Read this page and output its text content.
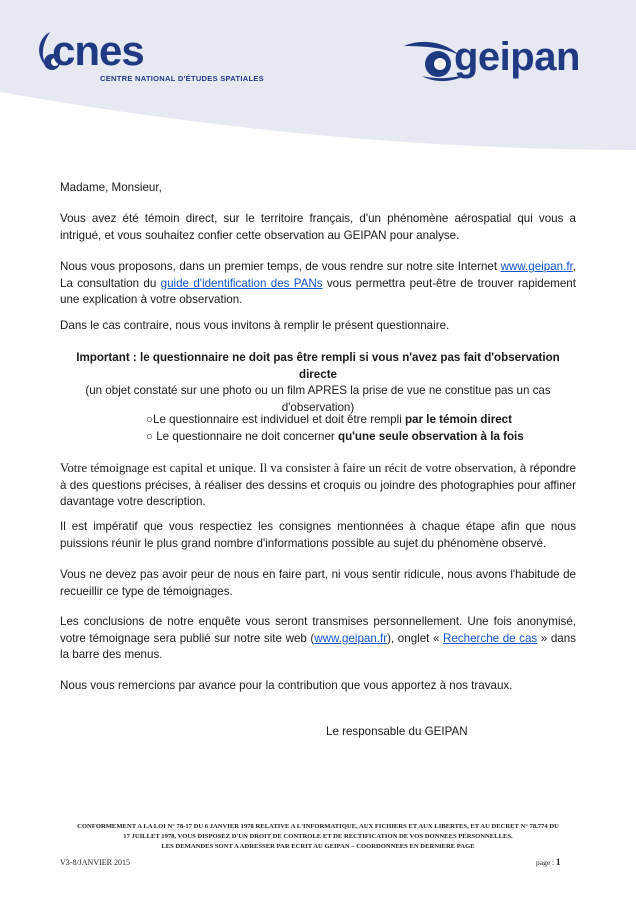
cnes
CENTRE NATIONAL D'ÉTUDES SPATIALES	geipan

Madame, Monsieur,

Vous avez été témoin direct, sur le territoire français, d'un phénomène aérospatial qui vous a intrigué, et vous souhaitez confier cette observation au GEIPAN pour analyse.

Nous vous proposons, dans un premier temps, de vous rendre sur notre site Internet www.geipan.fr, La consultation du guide d'identification des PANs vous permettra peut-être de trouver rapidement une explication à votre observation.

Dans le cas contraire, nous vous invitons à remplir le présent questionnaire.

Important : le questionnaire ne doit pas être rempli si vous n'avez pas fait d'observation directe
(un objet constaté sur une photo ou un film APRES la prise de vue ne constitue pas un cas d'observation)

○Le questionnaire est individuel et doit être rempli par le témoin direct

○ Le questionnaire ne doit concerner qu'une seule observation à la fois

Votre témoignage est capital et unique. Il va consister à faire un récit de votre observation, à répondre à des questions précises, à réaliser des dessins et croquis ou joindre des photographies pour affiner davantage votre description.

Il est impératif que vous respectiez les consignes mentionnées à chaque étape afin que nous puissions réunir le plus grand nombre d'informations possible au sujet du phénomène observé.

Vous ne devez pas avoir peur de nous en faire part, ni vous sentir ridicule, nous avons l'habitude de recueillir ce type de témoignages.

Les conclusions de notre enquête vous seront transmises personnellement. Une fois anonymisé, votre témoignage sera publié sur notre site web (www.geipan.fr), onglet « Recherche de cas » dans la barre des menus.

Nous vous remercions par avance pour la contribution que vous apportez à nos travaux.

Le responsable du GEIPAN

CONFORMEMENT A LA LOI N° 78-17 DU 6 JANVIER 1978 RELATIVE A L'INFORMATIQUE, AUX FICHIERS ET AUX LIBERTES, ET AU DECRET N° 78.774 DU 17 JUILLET 1978, VOUS DISPOSEZ D'UN DROIT DE CONTROLE ET DE RECTIFICATION DE VOS DONNEES PERSONNELLES.
LES DEMANDES SONT A ADRESSER PAR ECRIT AU GEIPAN – COORDONNEES EN DERNIERE PAGE
V3-8/JANVIER 2015	page : 1
